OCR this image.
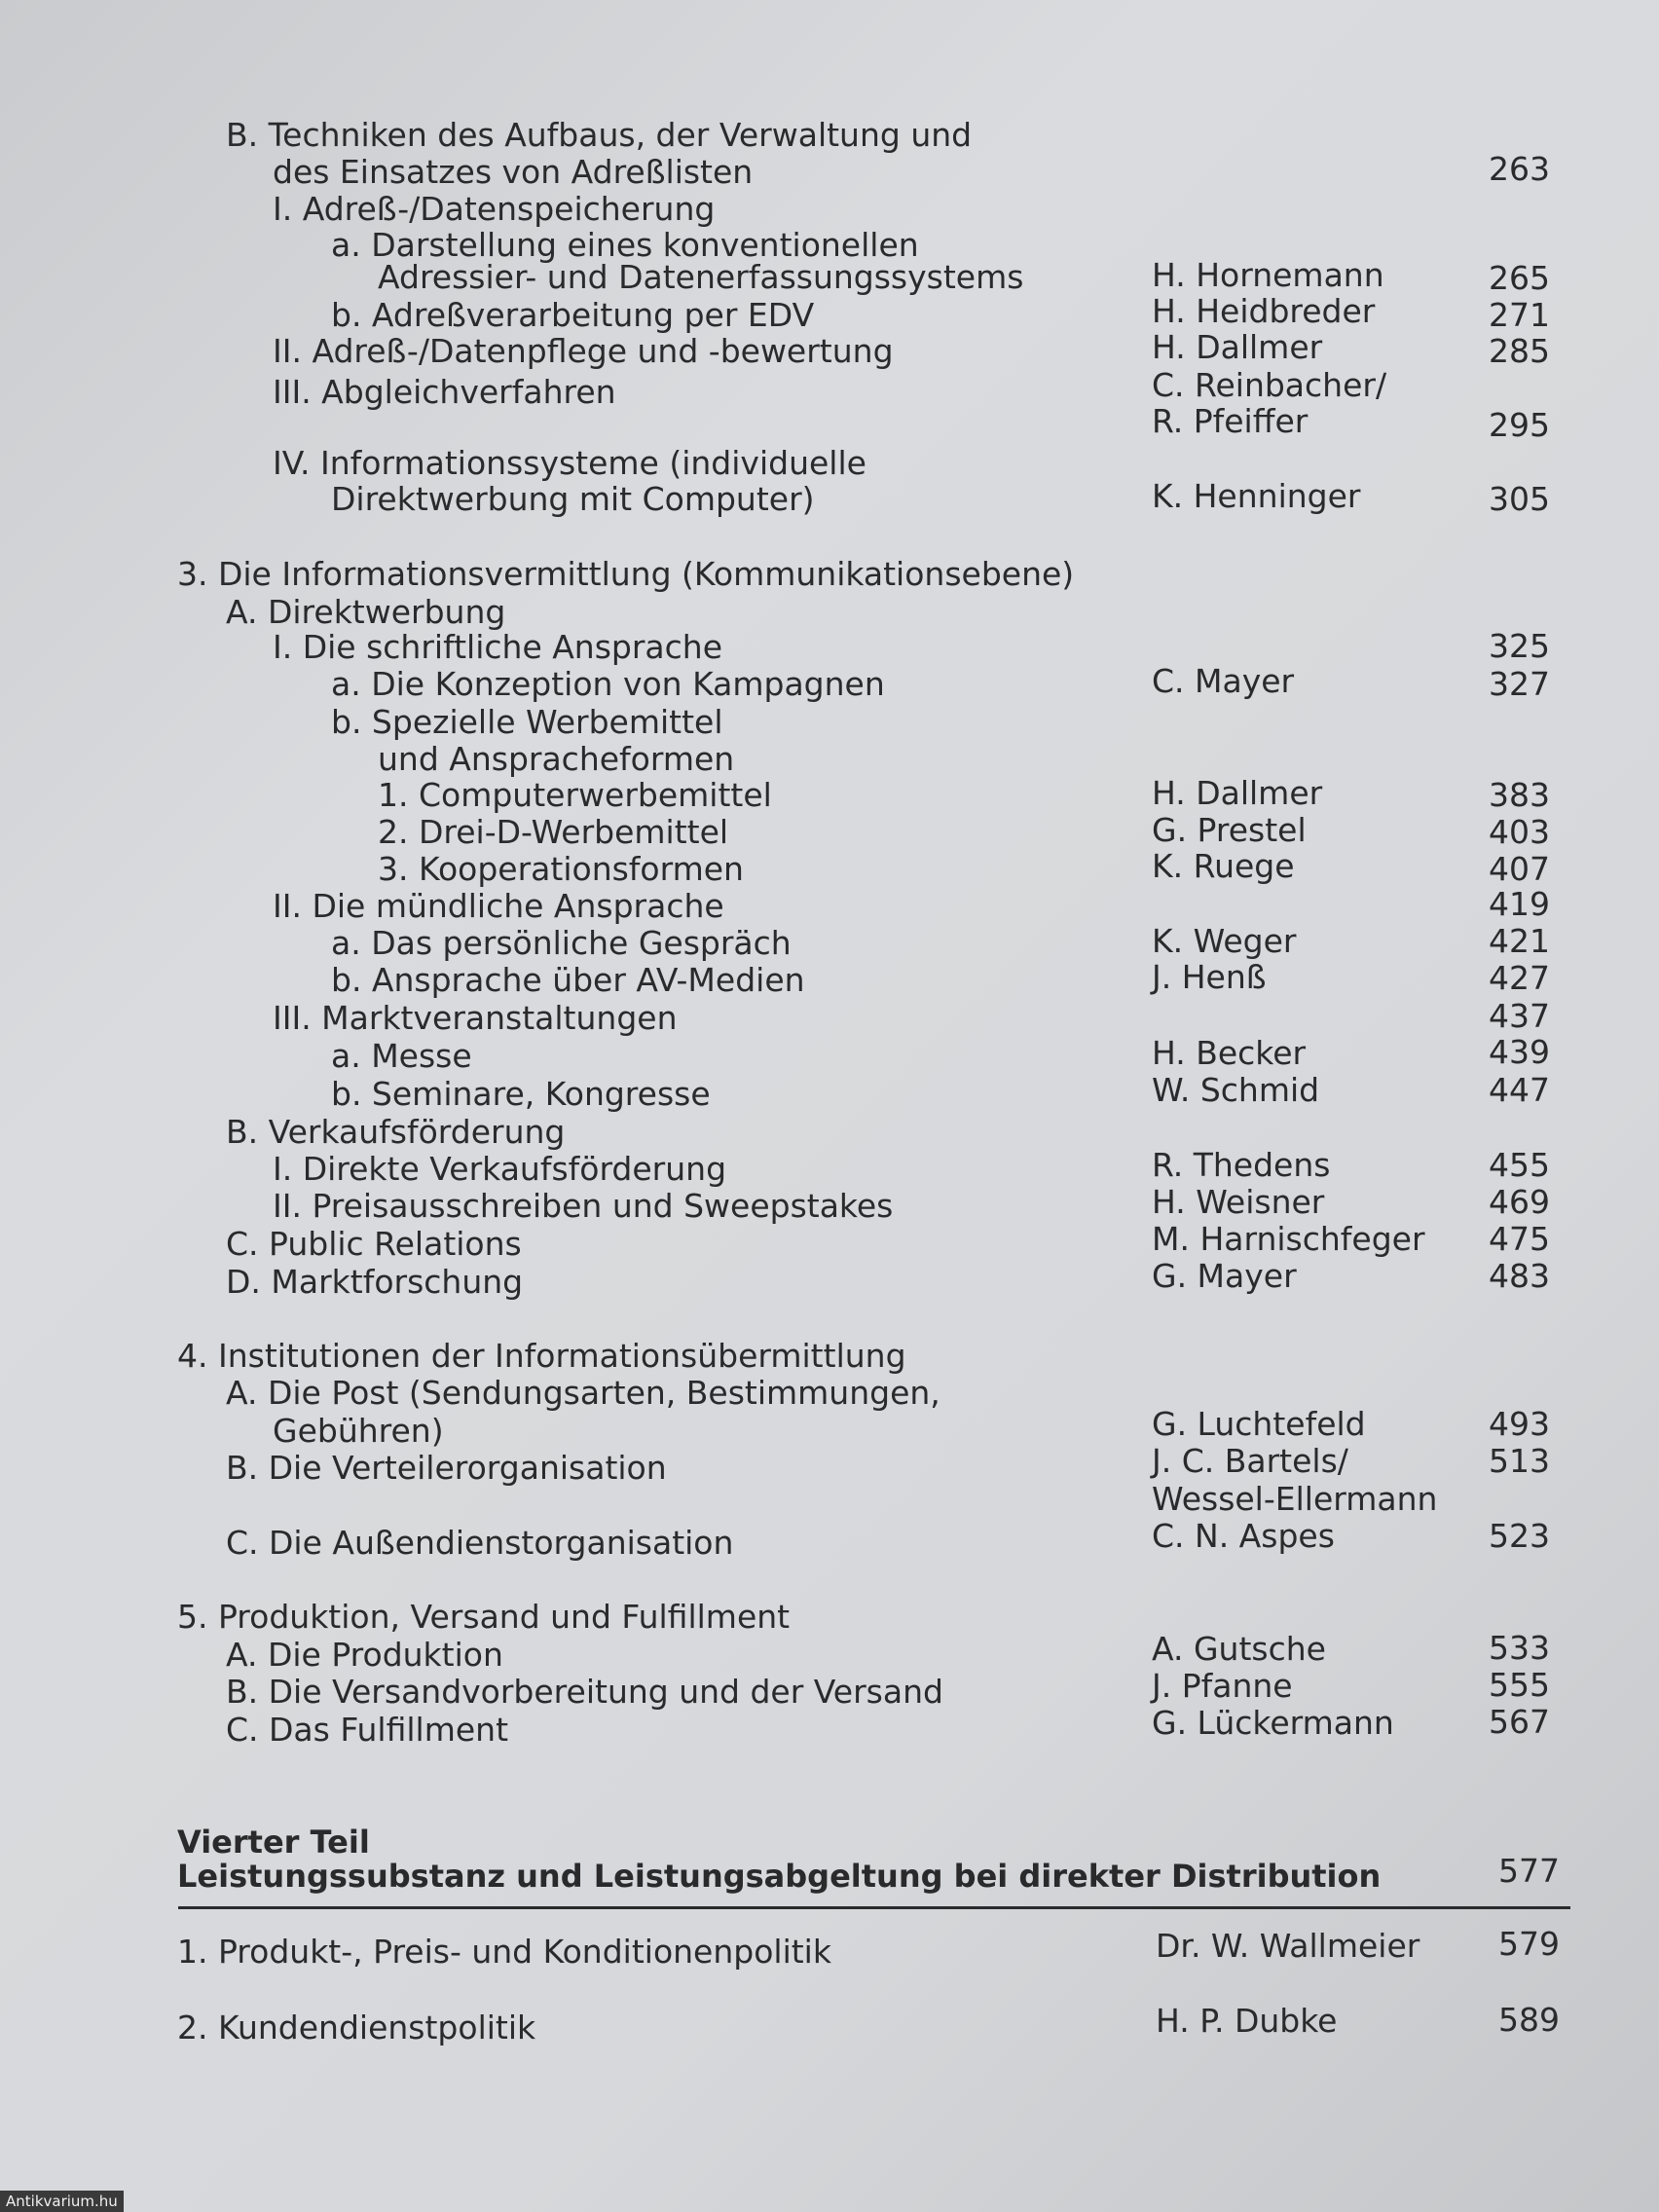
B. Techniken des Aufbaus, der Verwaltung und
des Einsatzes von Adreßlisten	263
I. Adreß-/Datenspeicherung
a. Darstellung eines konventionellen
Adressier- und Datenerfassungssystems	H. Hornemann	265
b. Adreßverarbeitung per EDV	H. Heidbreder	271
II. Adreß-/Datenpflege und -bewertung	H. Dallmer	285
III. Abgleichverfahren	C. Reinbacher/
R. Pfeiffer	295
IV. Informationssysteme (individuelle
Direktwerbung mit Computer)	K. Henninger	305
3. Die Informationsvermittlung (Kommunikationsebene)
A. Direktwerbung
I. Die schriftliche Ansprache	325
a. Die Konzeption von Kampagnen	C. Mayer	327
b. Spezielle Werbemittel
und Anspracheformen
1. Computerwerbemittel	H. Dallmer	383
2. Drei-D-Werbemittel	G. Prestel	403
3. Kooperationsformen	K. Ruege	407
II. Die mündliche Ansprache	419
a. Das persönliche Gespräch	K. Weger	421
b. Ansprache über AV-Medien	J. Henß	427
III. Marktveranstaltungen	437
a. Messe	H. Becker	439
b. Seminare, Kongresse	W. Schmid	447
B. Verkaufsförderung
I. Direkte Verkaufsförderung	R. Thedens	455
II. Preisausschreiben und Sweepstakes	H. Weisner	469
C. Public Relations	M. Harnischfeger 475
D. Marktforschung	G. Mayer	483
4. Institutionen der Informationsübermittlung
A. Die Post (Sendungsarten, Bestimmungen,
Gebühren)	G. Luchtefeld	493
B. Die Verteilerorganisation	J. C. Bartels/	513
Wessel-Ellermann
C. Die Außendienstorganisation	C. N. Aspes	523
5. Produktion, Versand und Fulfillment
A. Die Produktion	A. Gutsche	533
B. Die Versandvorbereitung und der Versand	J. Pfanne	555
C. Das Fulfillment	G. Lückermann	567
Vierter Teil
Leistungssubstanz und Leistungsabgeltung bei direkter Distribution	577
1. Produkt-, Preis- und Konditionenpolitik	Dr. W. Wallmeier 579
2. Kundendienstpolitik	H. P. Dubke	589
Antikvarium.hu
